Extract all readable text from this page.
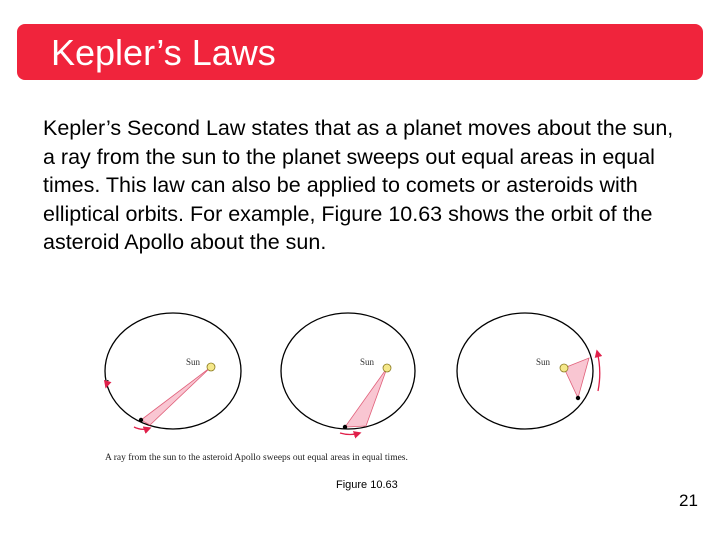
Kepler’s Laws
Kepler’s Second Law states that as a planet moves about the sun, a ray from the sun to the planet sweeps out equal areas in equal times. This law can also be applied to comets or asteroids with elliptical orbits. For example, Figure 10.63 shows the orbit of the asteroid Apollo about the sun.
Sun	Sun	Sun
A ray from the sun to the asteroid Apollo sweeps out equal areas in equal times.
Figure 10.63
21
